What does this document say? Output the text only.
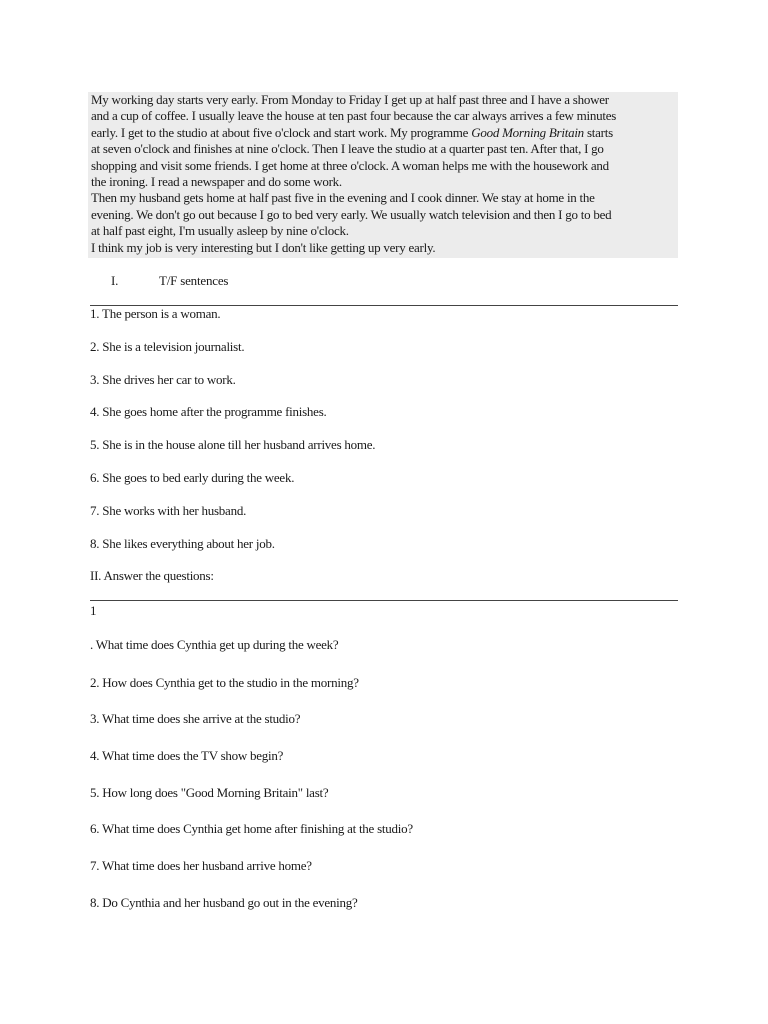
My working day starts very early. From Monday to Friday I get up at half past three and I have a shower

and a cup of coffee. I usually leave the house at ten past four because the car always arrives a few minutes

early. I get to the studio at about five o'clock and start work. My programme Good Morning Britain starts

at seven o'clock and finishes at nine o'clock. Then I leave the studio at a quarter past ten. After that, I go

shopping and visit some friends. I get home at three o'clock. A woman helps me with the housework and

the ironing. I read a newspaper and do some work.

Then my husband gets home at half past five in the evening and I cook dinner. We stay at home in the

evening. We don't go out because I go to bed very early. We usually watch television and then I go to bed

at half past eight, I'm usually asleep by nine o'clock.

I think my job is very interesting but I don't like getting up very early.

I.	T/F sentences
1. The person is a woman.
2. She is a television journalist.
3. She drives her car to work.
4. She goes home after the programme finishes.
5. She is in the house alone till her husband arrives home.
6. She goes to bed early during the week.
7. She works with her husband.
8. She likes everything about her job.
II. Answer the questions:
1
. What time does Cynthia get up during the week?
2. How does Cynthia get to the studio in the morning?
3. What time does she arrive at the studio?
4. What time does the TV show begin?
5. How long does "Good Morning Britain" last?
6. What time does Cynthia get home after finishing at the studio?
7. What time does her husband arrive home?
8. Do Cynthia and her husband go out in the evening?
